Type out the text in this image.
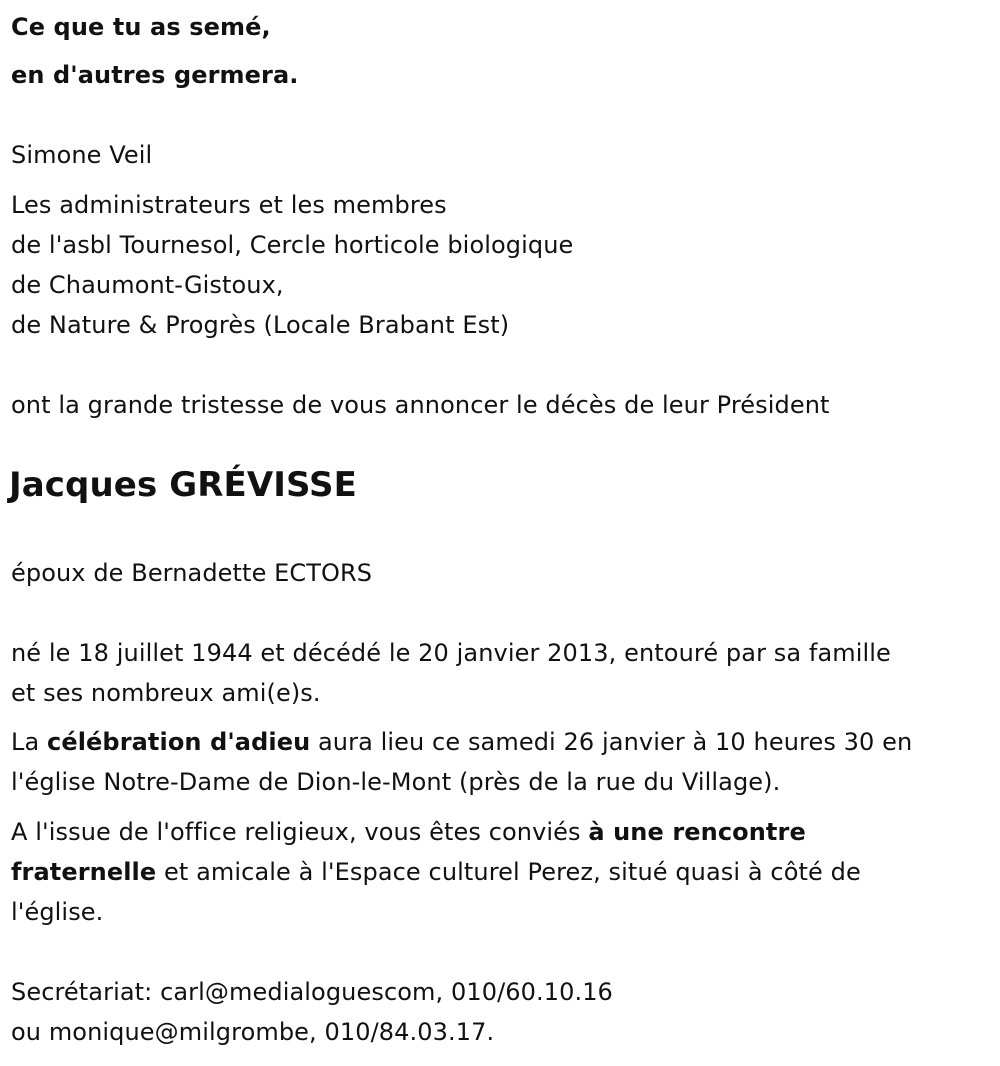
Ce que tu as semé,
en d'autres germera.
Simone Veil
Les administrateurs et les membres
de l'asbl Tournesol, Cercle horticole biologique
de Chaumont-Gistoux,
de Nature & Progrès (Locale Brabant Est)
ont la grande tristesse de vous annoncer le décès de leur Président
Jacques GRÉVISSE
époux de Bernadette ECTORS
né le 18 juillet 1944 et décédé le 20 janvier 2013, entouré par sa famille
et ses nombreux ami(e)s.
La célébration d'adieu aura lieu ce samedi 26 janvier à 10 heures 30 en
l'église Notre-Dame de Dion-le-Mont (près de la rue du Village).
A l'issue de l'office religieux, vous êtes conviés à une rencontre
fraternelle et amicale à l'Espace culturel Perez, situé quasi à côté de
l'église.
Secrétariat: carl@medialoguescom, 010/60.10.16
ou monique@milgrombe, 010/84.03.17.
